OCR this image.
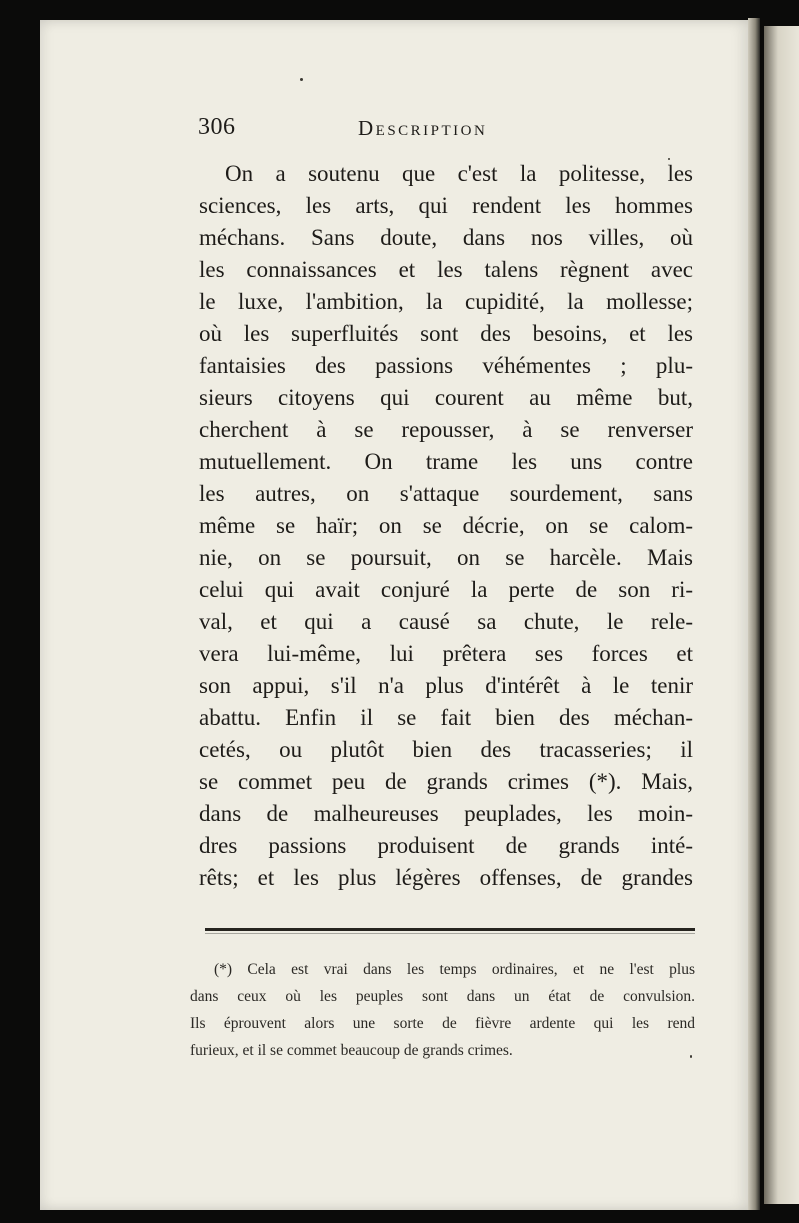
306	Description
On a soutenu que c'est la politesse, les
sciences, les arts, qui rendent les hommes
méchans. Sans doute, dans nos villes, où
les connaissances et les talens règnent avec
le luxe, l'ambition, la cupidité, la mollesse;
où les superfluités sont des besoins, et les
fantaisies des passions véhémentes ; plu-
sieurs citoyens qui courent au même but,
cherchent à se repousser, à se renverser
mutuellement. On trame les uns contre
les autres, on s'attaque sourdement, sans
même se haïr; on se décrie, on se calom-
nie, on se poursuit, on se harcèle. Mais
celui qui avait conjuré la perte de son ri-
val, et qui a causé sa chute, le rele-
vera lui-même, lui prêtera ses forces et
son appui, s'il n'a plus d'intérêt à le tenir
abattu. Enfin il se fait bien des méchan-
cetés, ou plutôt bien des tracasseries; il
se commet peu de grands crimes (*). Mais,
dans de malheureuses peuplades, les moin-
dres passions produisent de grands inté-
rêts; et les plus légères offenses, de grandes
(*) Cela est vrai dans les temps ordinaires, et ne l'est plus
dans ceux où les peuples sont dans un état de convulsion.
Ils éprouvent alors une sorte de fièvre ardente qui les rend
furieux, et il se commet beaucoup de grands crimes.
